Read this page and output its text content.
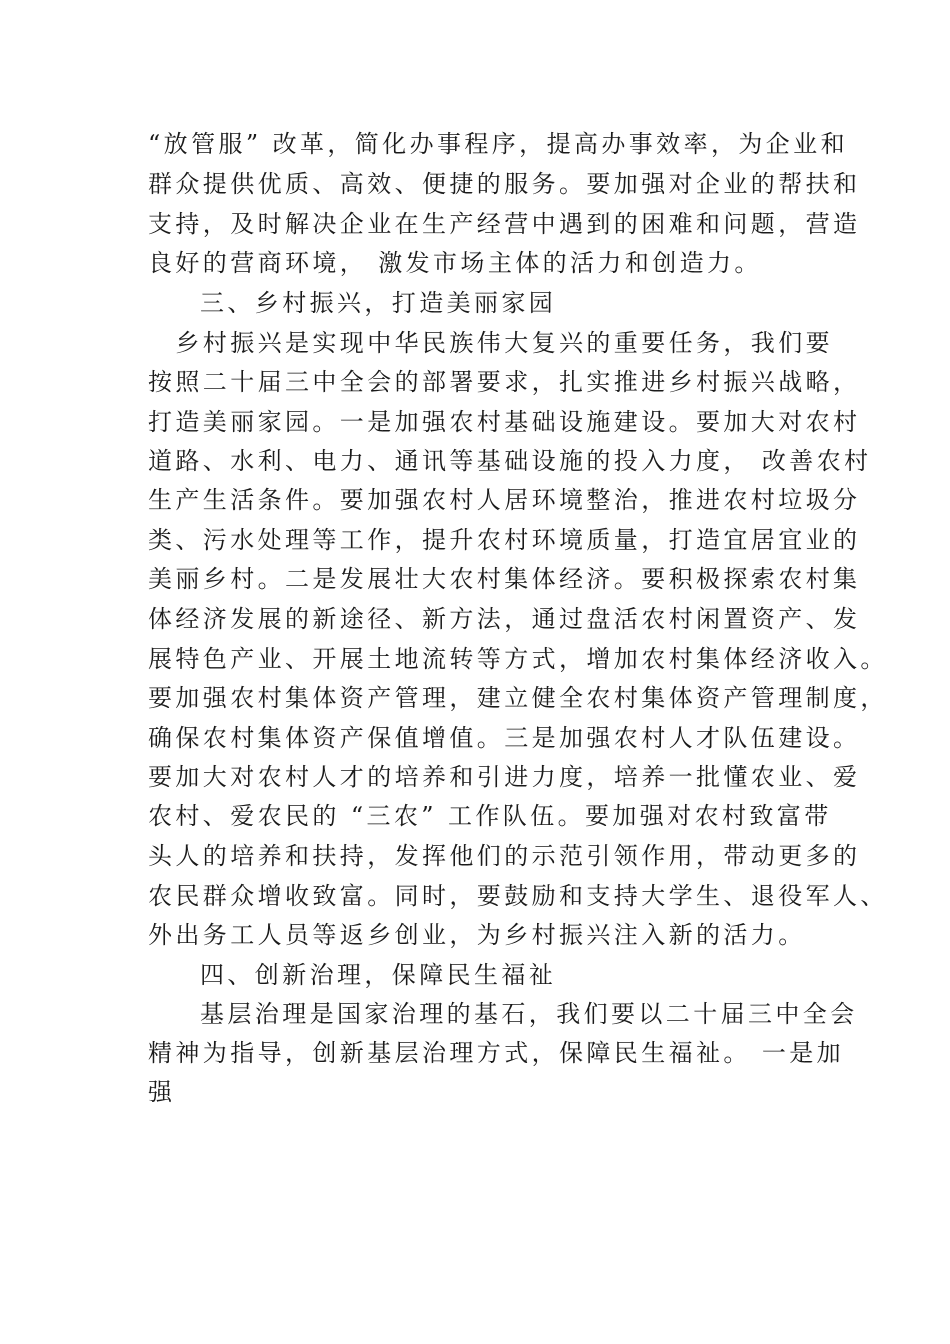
“放管服” 改革，简化办事程序，提高办事效率，为企业和
群众提供优质、高效、便捷的服务。要加强对企业的帮扶和
支持，及时解决企业在生产经营中遇到的困难和问题，营造
良好的营商环境， 激发市场主体的活力和创造力。
三、乡村振兴，打造美丽家园
　乡村振兴是实现中华民族伟大复兴的重要任务，我们要
按照二十届三中全会的部署要求，扎实推进乡村振兴战略，
打造美丽家园。一是加强农村基础设施建设。要加大对农村
道路、水利、电力、通讯等基础设施的投入力度， 改善农村
生产生活条件。要加强农村人居环境整治，推进农村垃圾分
类、污水处理等工作，提升农村环境质量，打造宜居宜业的
美丽乡村。二是发展壮大农村集体经济。要积极探索农村集
体经济发展的新途径、新方法，通过盘活农村闲置资产、发
展特色产业、开展土地流转等方式，增加农村集体经济收入。
要加强农村集体资产管理，建立健全农村集体资产管理制度，
确保农村集体资产保值增值。三是加强农村人才队伍建设。
要加大对农村人才的培养和引进力度，培养一批懂农业、爱
农村、爱农民的 “三农” 工作队伍。要加强对农村致富带
头人的培养和扶持，发挥他们的示范引领作用，带动更多的
农民群众增收致富。同时，要鼓励和支持大学生、退役军人、
外出务工人员等返乡创业，为乡村振兴注入新的活力。
四、创新治理，保障民生福祉
基层治理是国家治理的基石，我们要以二十届三中全会
精神为指导，创新基层治理方式，保障民生福祉。 一是加
强
